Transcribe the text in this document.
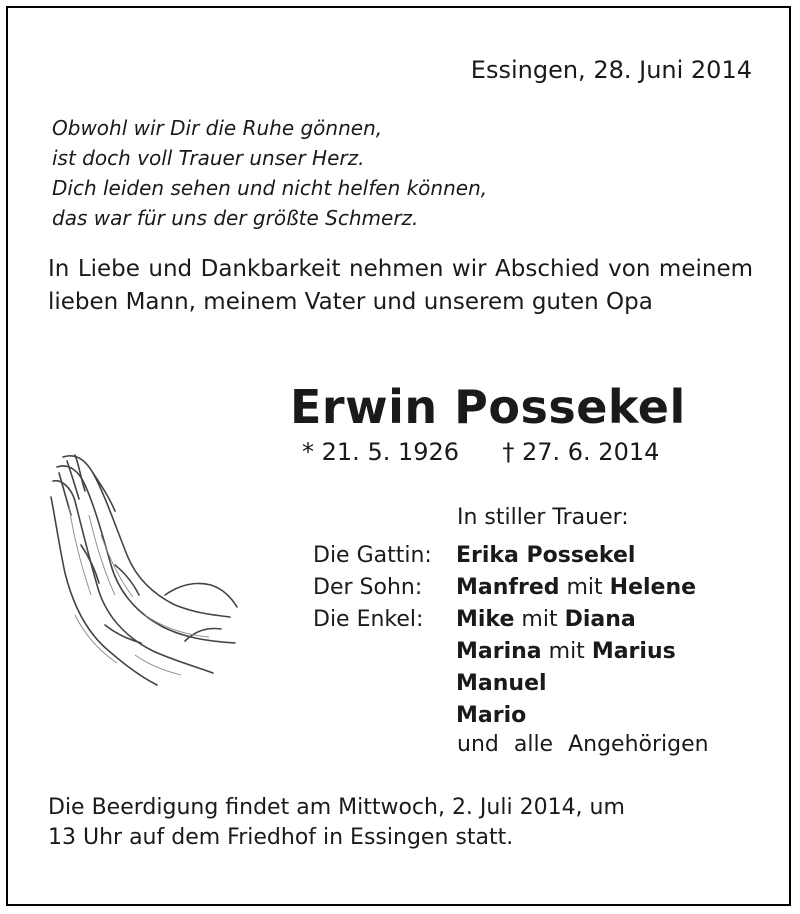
Essingen, 28. Juni 2014
Obwohl wir Dir die Ruhe gönnen,
ist doch voll Trauer unser Herz.
Dich leiden sehen und nicht helfen können,
das war für uns der größte Schmerz.

In Liebe und Dankbarkeit nehmen wir Abschied von meinem lieben Mann, meinem Vater und unserem guten Opa

Erwin Possekel
* 21. 5. 1926 † 27. 6. 2014
In stiller Trauer:
Die Gattin:	Erika Possekel
Der Sohn:	Manfred mit Helene
Die Enkel:	Mike mit Diana
Marina mit Marius
Manuel
Mario
und alle Angehörigen
Die Beerdigung findet am Mittwoch, 2. Juli 2014, um
13 Uhr auf dem Friedhof in Essingen statt.
